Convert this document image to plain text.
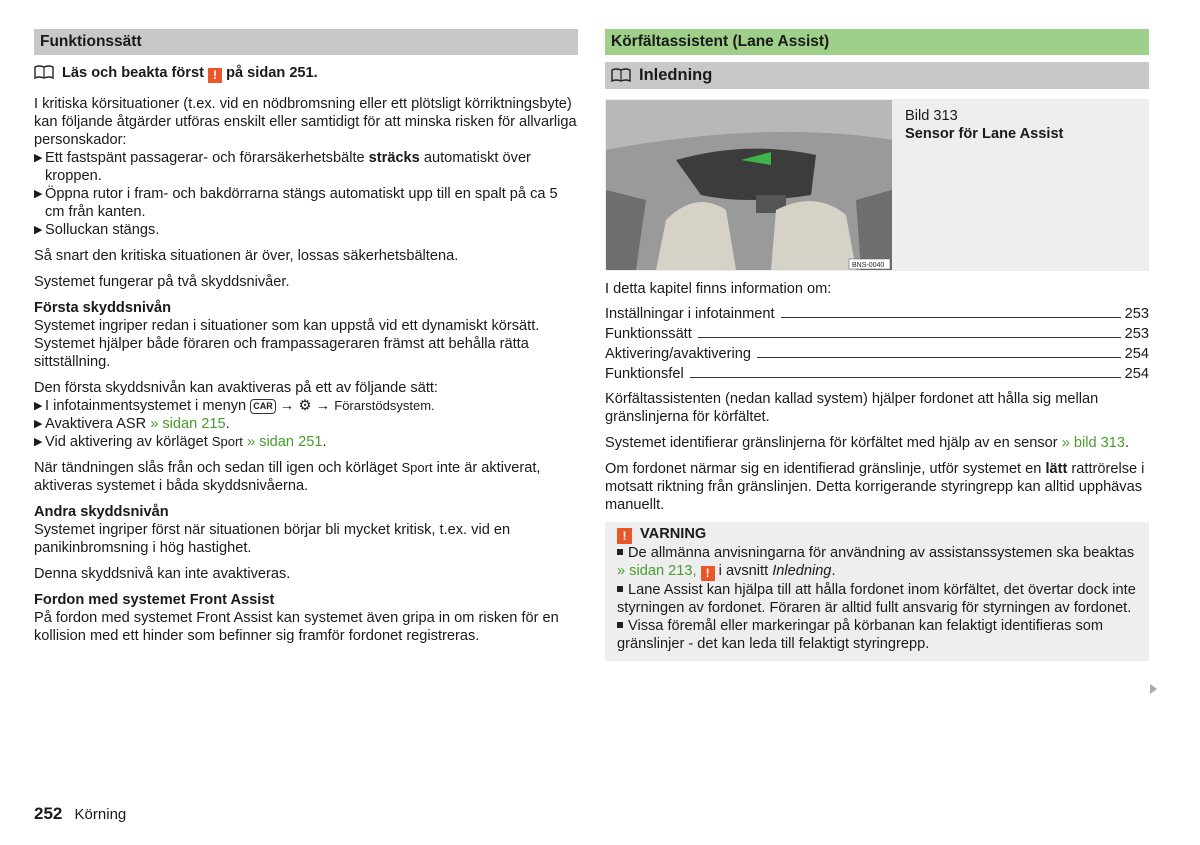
Funktionssätt

Läs och beakta först ! på sidan 251.

I kritiska körsituationer (t.ex. vid en nödbromsning eller ett plötsligt körriktningsbyte) kan följande åtgärder utföras enskilt eller samtidigt för att minska risken för allvarliga personskador:

▶ Ett fastspänt passagerar- och förarsäkerhetsbälte sträcks automatiskt över kroppen.
▶ Öppna rutor i fram- och bakdörrarna stängs automatiskt upp till en spalt på ca 5 cm från kanten.
▶ Solluckan stängs.

Så snart den kritiska situationen är över, lossas säkerhetsbältena.

Systemet fungerar på två skyddsnivåer.

Första skyddsnivån

Systemet ingriper redan i situationer som kan uppstå vid ett dynamiskt körsätt. Systemet hjälper både föraren och frampassageraren främst att behålla rätta sittställning.

Den första skyddsnivån kan avaktiveras på ett av följande sätt:

▶ I infotainmentsystemet i menyn CAR → ⚙ → Förarstödsystem.
▶ Avaktivera ASR » sidan 215.
▶ Vid aktivering av körläget Sport » sidan 251.

När tändningen slås från och sedan till igen och körläget Sport inte är aktiverat, aktiveras systemet i båda skyddsnivåerna.

Andra skyddsnivån

Systemet ingriper först när situationen börjar bli mycket kritisk, t.ex. vid en panikinbromsning i hög hastighet.

Denna skyddsnivå kan inte avaktiveras.

Fordon med systemet Front Assist

På fordon med systemet Front Assist kan systemet även gripa in om risken för en kollision med ett hinder som befinner sig framför fordonet registreras.

Körfältassistent (Lane Assist)
Inledning
BNS-0040
Bild 313
Sensor för Lane Assist

I detta kapitel finns information om:

Inställningar i infotainment	253
Funktionssätt	253
Aktivering/avaktivering	254
Funktionsfel	254

Körfältassistenten (nedan kallad system) hjälper fordonet att hålla sig mellan gränslinjerna för körfältet.

Systemet identifierar gränslinjerna för körfältet med hjälp av en sensor » bild 313.

Om fordonet närmar sig en identifierad gränslinje, utför systemet en lätt rattrörelse i motsatt riktning från gränslinjen. Detta korrigerande styringrepp kan alltid upphävas manuellt.

! VARNING
De allmänna anvisningarna för användning av assistanssystemen ska beaktas » sidan 213, ! i avsnitt Inledning.
Lane Assist kan hjälpa till att hålla fordonet inom körfältet, det övertar dock inte styrningen av fordonet. Föraren är alltid fullt ansvarig för styrningen av fordonet.
Vissa föremål eller markeringar på körbanan kan felaktigt identifieras som gränslinjer - det kan leda till felaktigt styringrepp.
252 Körning
